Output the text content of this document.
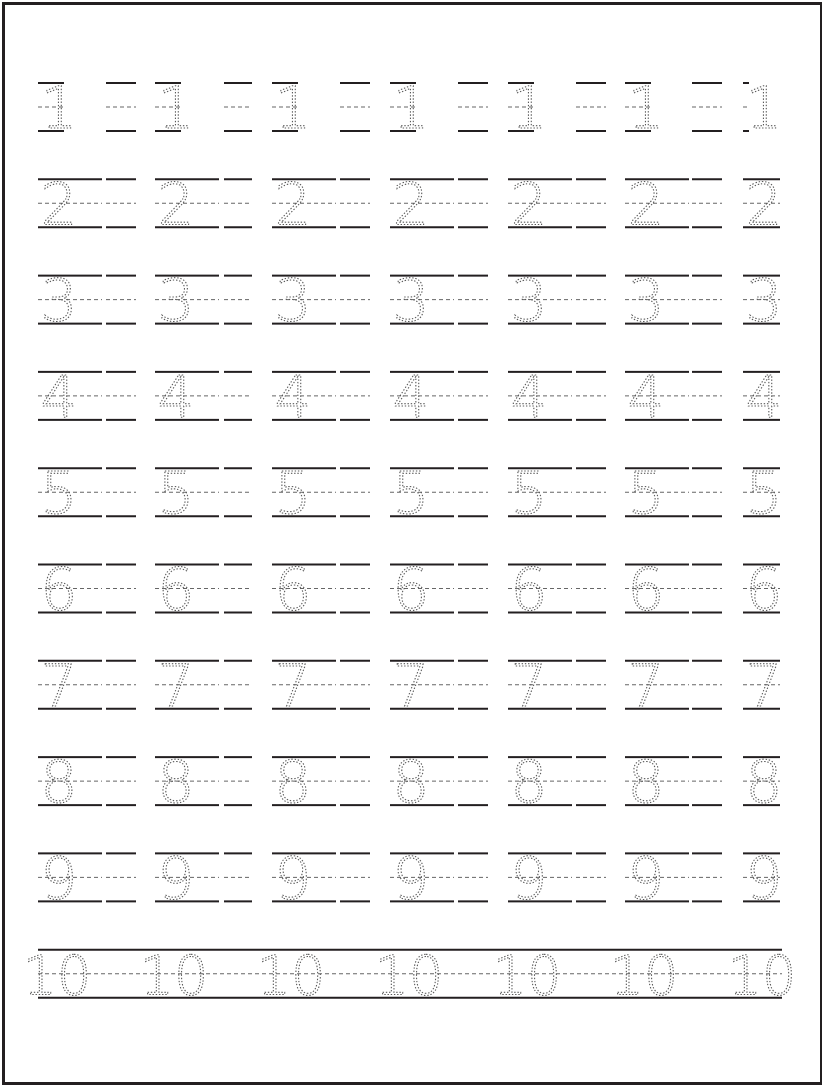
1 1 1 1 1 1 1
2 2 2 2 2 2 2
3 3 3 3 3 3 3
4 4 4 4 4 4 4
5 5 5 5 5 5 5
6 6 6 6 6 6 6
7 7 7 7 7 7 7
8 8 8 8 8 8 8
9 9 9 9 9 9 9
10 10 10 10 10 10 10
